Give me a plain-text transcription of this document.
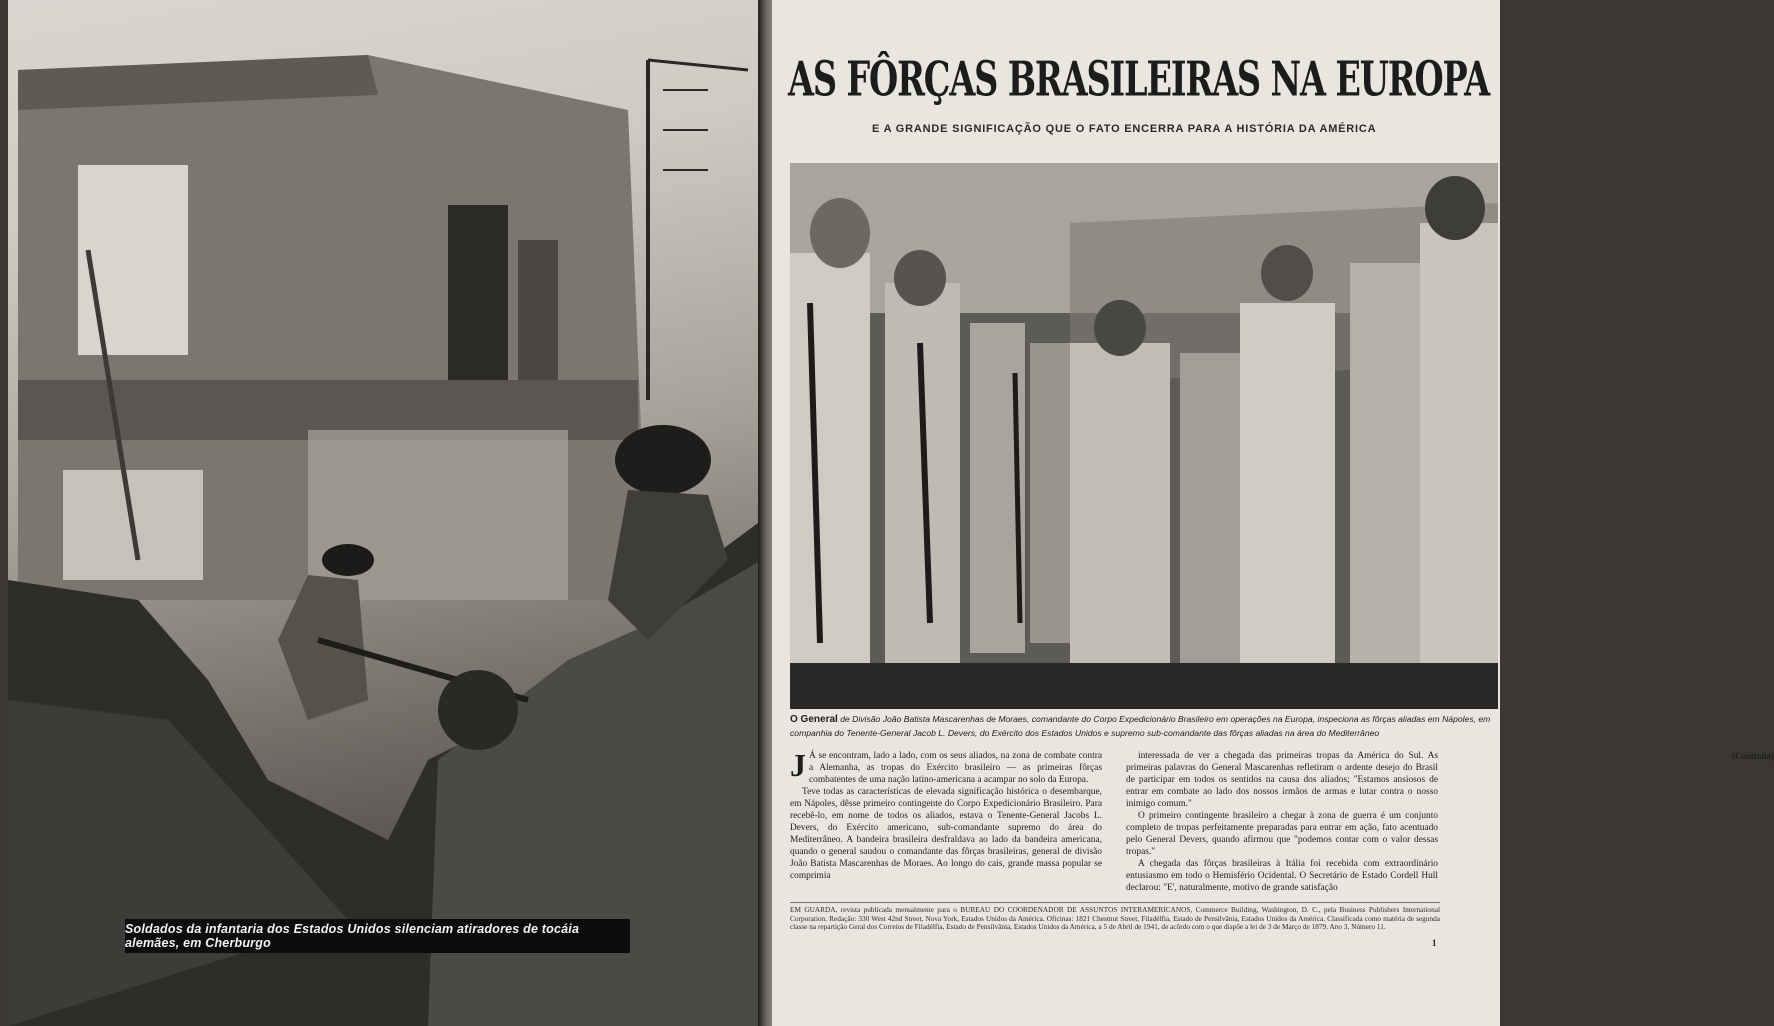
Soldados da infantaria dos Estados Unidos silenciam atiradores de tocáia alemães, em Cherburgo
AS FÔRÇAS BRASILEIRAS NA EUROPA
E A GRANDE SIGNIFICAÇÃO QUE O FATO ENCERRA PARA A HISTÓRIA DA AMÉRICA
O General de Divisão João Batista Mascarenhas de Moraes, comandante do Corpo Expedicionário Brasileiro em operações na Europa, inspeciona as fôrças aliadas em Nápoles, em companhia do Tenente-General Jacob L. Devers, do Exército dos Estados Unidos e supremo sub-comandante das fôrças aliadas na área do Mediterrâneo

J Á se encontram, lado a lado, com os seus aliados, na zona de combate contra a Alemanha, as tropas do Exército brasileiro — as primeiras fôrças combatentes de uma nação latino-americana a acampar no solo da Europa.

Teve todas as características de elevada significação histórica o desembarque, em Nápoles, dêsse primeiro contingente do Corpo Expedicionário Brasileiro. Para recebê-lo, em nome de todos os aliados, estava o Tenente-General Jacobs L. Devers, do Exército americano, sub-comandante supremo do área do Mediterrâneo. A bandeira brasileira desfraldava ao lado da bandeira americana, quando o general saudou o comandante das fôrças brasileiras, general de divisão João Batista Mascarenhas de Moraes. Ao longo do cais, grande massa popular se comprimia

interessada de ver a chegada das primeiras tropas da América do Sul. As primeiras palavras do General Mascarenhas refletiram o ardente desejo do Brasil de participar em todos os sentidos na causa dos aliados; "Estamos ansiosos de entrar em combate ao lado dos nossos irmãos de armas e lutar contra o nosso inimigo comum."

O primeiro contingente brasileiro a chegar à zona de guerra é um conjunto completo de tropas perfeitamente preparadas para entrar em ação, fato acentuado pelo General Devers, quando afirmou que "podemos contar com o valor dessas tropas."

A chegada das fôrças brasileiras à Itália foi recebida com extraordinário entusiasmo em todo o Hemisfério Ocidental. O Secretário de Estado Cordell Hull declarou: "E', naturalmente, motivo de grande satisfação

(Continúa)
EM GUARDA, revista publicada mensalmente para o BUREAU DO COORDENADOR DE ASSUNTOS INTERAMERICANOS, Commerce Building, Washington, D. C., pela Business Publishers International Corporation. Redação: 330 West 42nd Street, Nova York, Estados Unidos da América. Oficinas: 1821 Chestnut Street, Filadélfia, Estado de Pensilvânia, Estados Unidos da América. Classificada como matéria de segunda classe na repartição Geral dos Correios de Filadélfia, Estado de Pensilvânia, Estados Unidos da América, a 5 de Abril de 1941, de acôrdo com o que dispõe a lei de 3 de Março de 1879. Ano 3, Número 11.
1
